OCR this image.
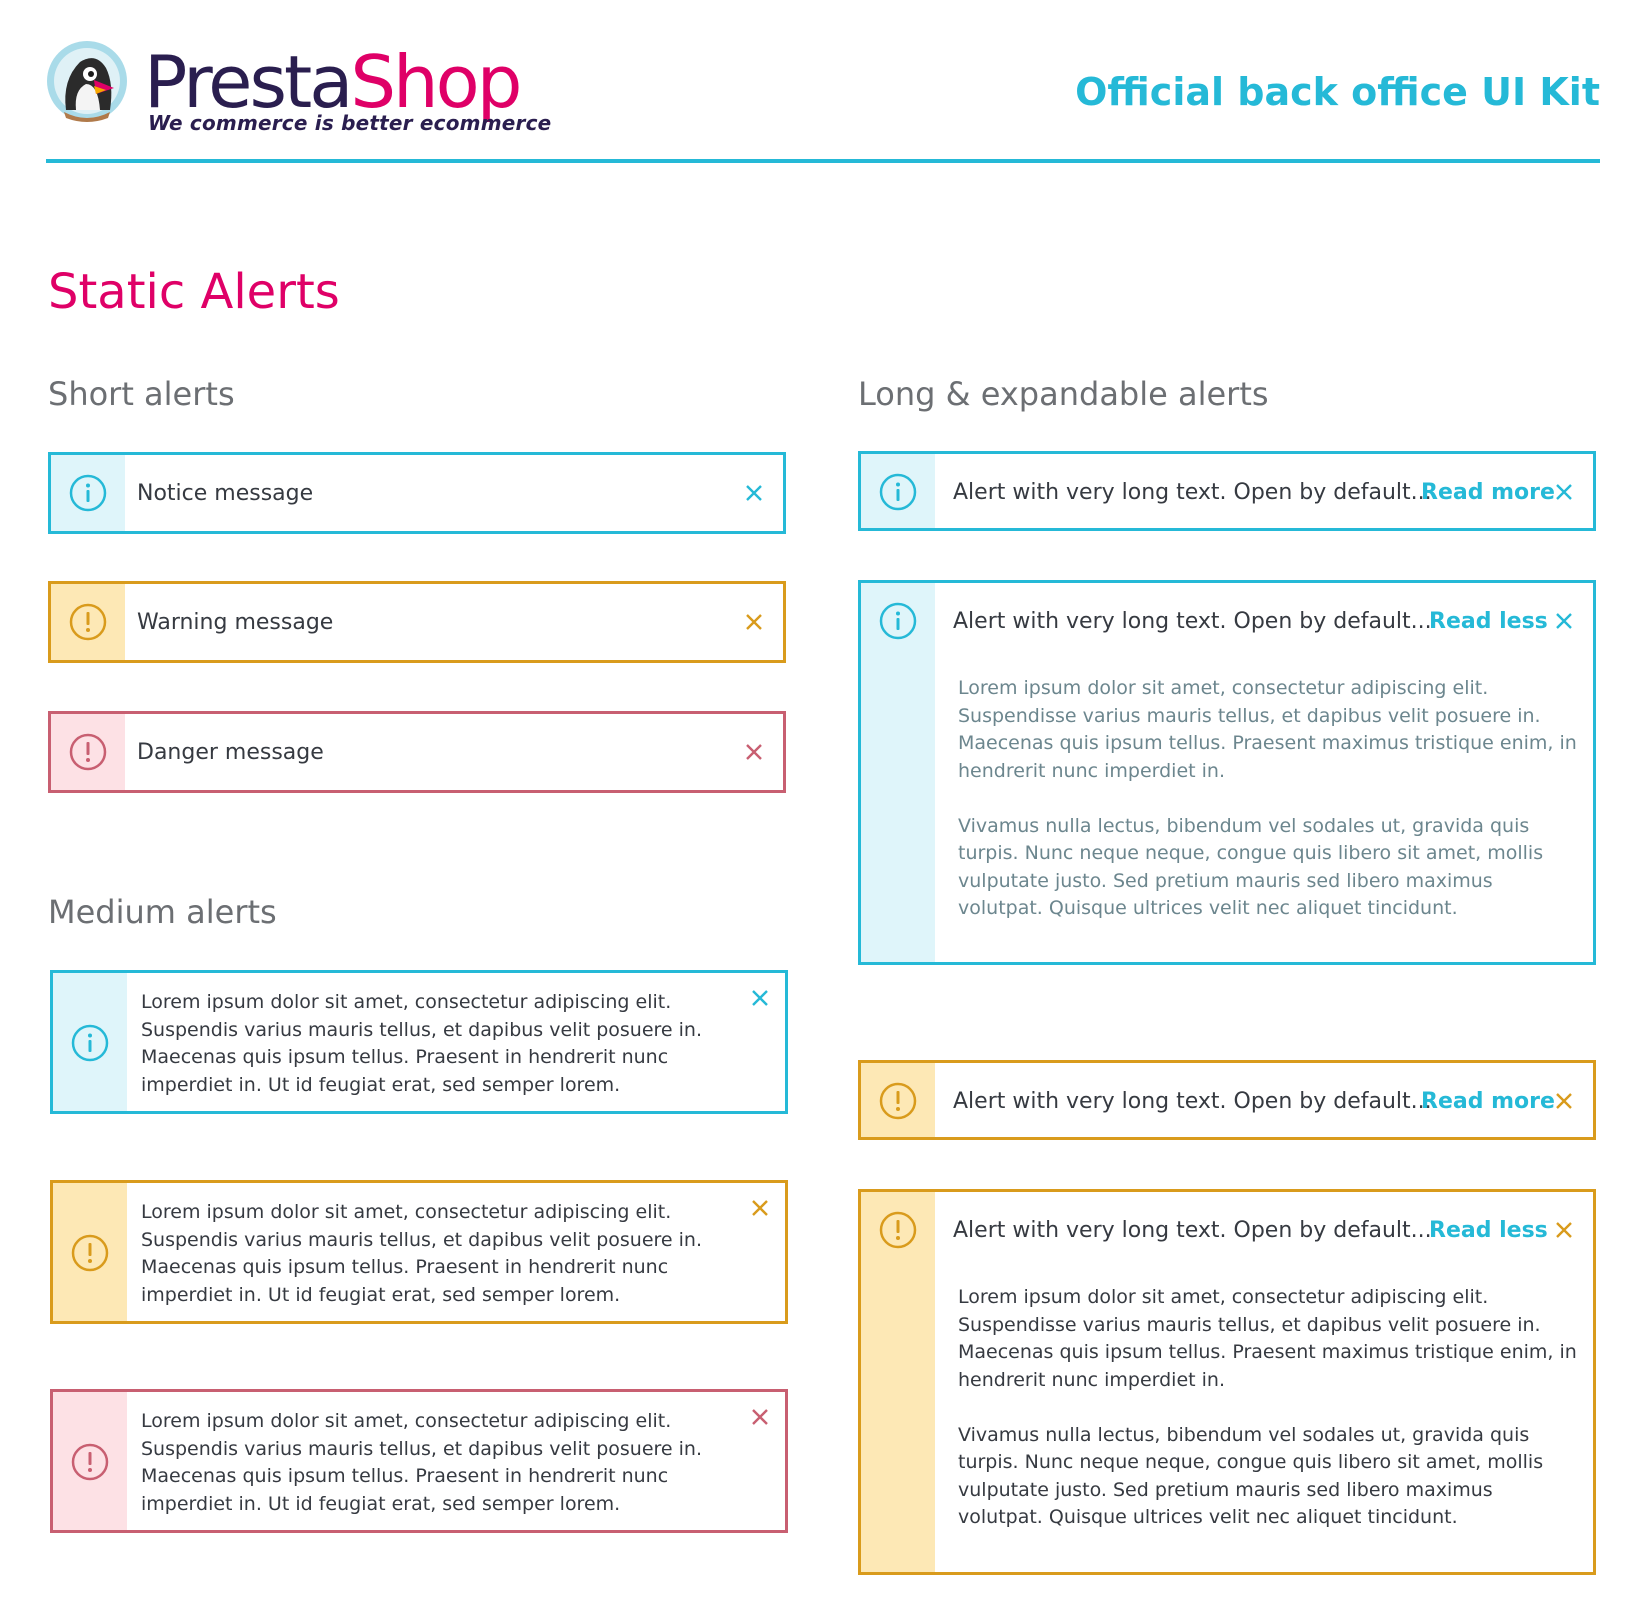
PrestaShop
We commerce is better ecommerce
Official back office UI Kit
Static Alerts
Short alerts
Medium alerts
Long & expandable alerts
Notice message
Warning message
Danger message
Lorem ipsum dolor sit amet, consectetur adipiscing elit. Suspendis varius mauris tellus, et dapibus velit posuere in. Maecenas quis ipsum tellus. Praesent in hendrerit nunc imperdiet in. Ut id feugiat erat, sed semper lorem.
Lorem ipsum dolor sit amet, consectetur adipiscing elit. Suspendis varius mauris tellus, et dapibus velit posuere in. Maecenas quis ipsum tellus. Praesent in hendrerit nunc imperdiet in. Ut id feugiat erat, sed semper lorem.
Lorem ipsum dolor sit amet, consectetur adipiscing elit. Suspendis varius mauris tellus, et dapibus velit posuere in. Maecenas quis ipsum tellus. Praesent in hendrerit nunc imperdiet in. Ut id feugiat erat, sed semper lorem.
Alert with very long text. Open by default...
Read more
Alert with very long text. Open by default...
Read less

Lorem ipsum dolor sit amet, consectetur adipiscing elit. Suspendisse varius mauris tellus, et dapibus velit posuere in. Maecenas quis ipsum tellus. Praesent maximus tristique enim, in hendrerit nunc imperdiet in.

Vivamus nulla lectus, bibendum vel sodales ut, gravida quis turpis. Nunc neque neque, congue quis libero sit amet, mollis vulputate justo. Sed pretium mauris sed libero maximus volutpat. Quisque ultrices velit nec aliquet tincidunt.

Alert with very long text. Open by default...
Read more
Alert with very long text. Open by default...
Read less

Lorem ipsum dolor sit amet, consectetur adipiscing elit. Suspendisse varius mauris tellus, et dapibus velit posuere in. Maecenas quis ipsum tellus. Praesent maximus tristique enim, in hendrerit nunc imperdiet in.

Vivamus nulla lectus, bibendum vel sodales ut, gravida quis turpis. Nunc neque neque, congue quis libero sit amet, mollis vulputate justo. Sed pretium mauris sed libero maximus volutpat. Quisque ultrices velit nec aliquet tincidunt.
